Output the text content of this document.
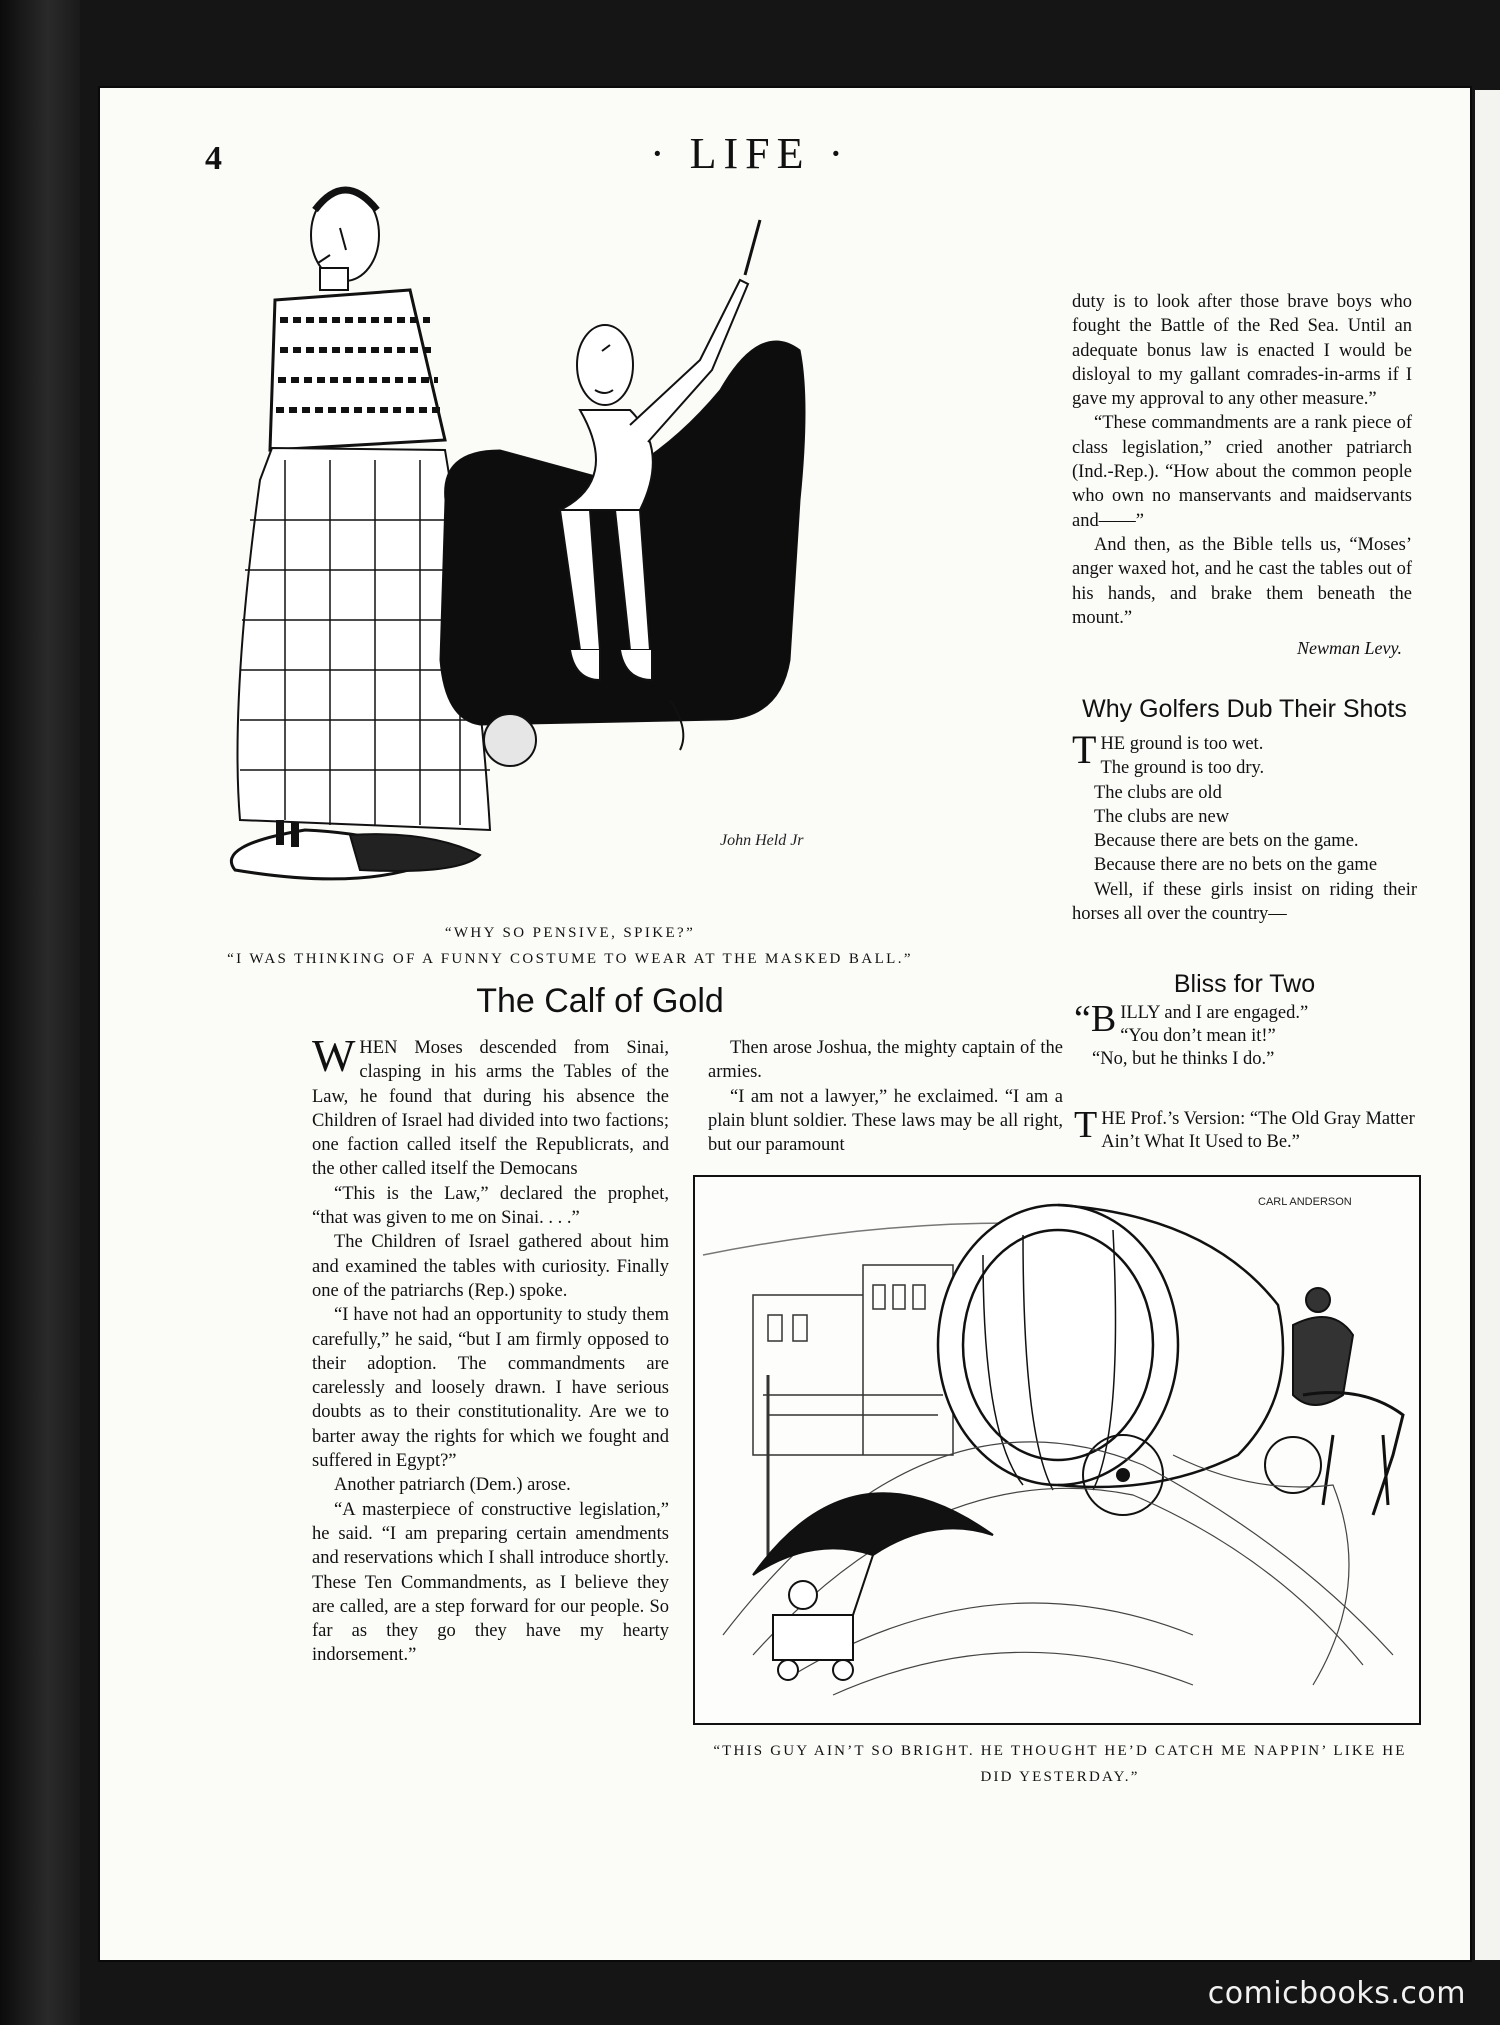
4	· LIFE ·
John Held Jr
“WHY SO PENSIVE, SPIKE?”
“I WAS THINKING OF A FUNNY COSTUME TO WEAR AT THE MASKED BALL.”

duty is to look after those brave boys who fought the Battle of the Red Sea. Until an adequate bonus law is enacted I would be disloyal to my gallant comrades-in-arms if I gave my approval to any other measure.”

“These commandments are a rank piece of class legislation,” cried another patriarch (Ind.-Rep.). “How about the common people who own no manservants and maidservants and——”

And then, as the Bible tells us, “Moses’ anger waxed hot, and he cast the tables out of his hands, and brake them beneath the mount.”

Newman Levy.
Why Golfers Dub Their Shots
T HE ground is too wet.
The ground is too dry.
The clubs are old
The clubs are new
Because there are bets on the game.
Because there are no bets on the game
Well, if these girls insist on riding their horses all over the country—
Bliss for Two
“B ILLY and I are engaged.”
“You don’t mean it!”
“No, but he thinks I do.”
T HE Prof.’s Version: “The Old Gray Matter Ain’t What It Used to Be.”
The Calf of Gold

WHEN Moses descended from Sinai, clasping in his arms the Tables of the Law, he found that during his absence the Children of Israel had divided into two factions; one faction called itself the Republicrats, and the other called itself the Democans

“This is the Law,” declared the prophet, “that was given to me on Sinai. . . .”

The Children of Israel gathered about him and examined the tables with curiosity. Finally one of the patriarchs (Rep.) spoke.

“I have not had an opportunity to study them carefully,” he said, “but I am firmly opposed to their adoption. The commandments are carelessly and loosely drawn. I have serious doubts as to their constitutionality. Are we to barter away the rights for which we fought and suffered in Egypt?”

Another patriarch (Dem.) arose.

“A masterpiece of constructive legislation,” he said. “I am preparing certain amendments and reservations which I shall introduce shortly. These Ten Commandments, as I believe they are called, are a step forward for our people. So far as they go they have my hearty indorsement.”

Then arose Joshua, the mighty captain of the armies.

“I am not a lawyer,” he exclaimed. “I am a plain blunt soldier. These laws may be all right, but our paramount

CARL ANDERSON
“THIS GUY AIN’T SO BRIGHT. HE THOUGHT HE’D CATCH ME NAPPIN’ LIKE HE DID YESTERDAY.”
comicbooks.com
